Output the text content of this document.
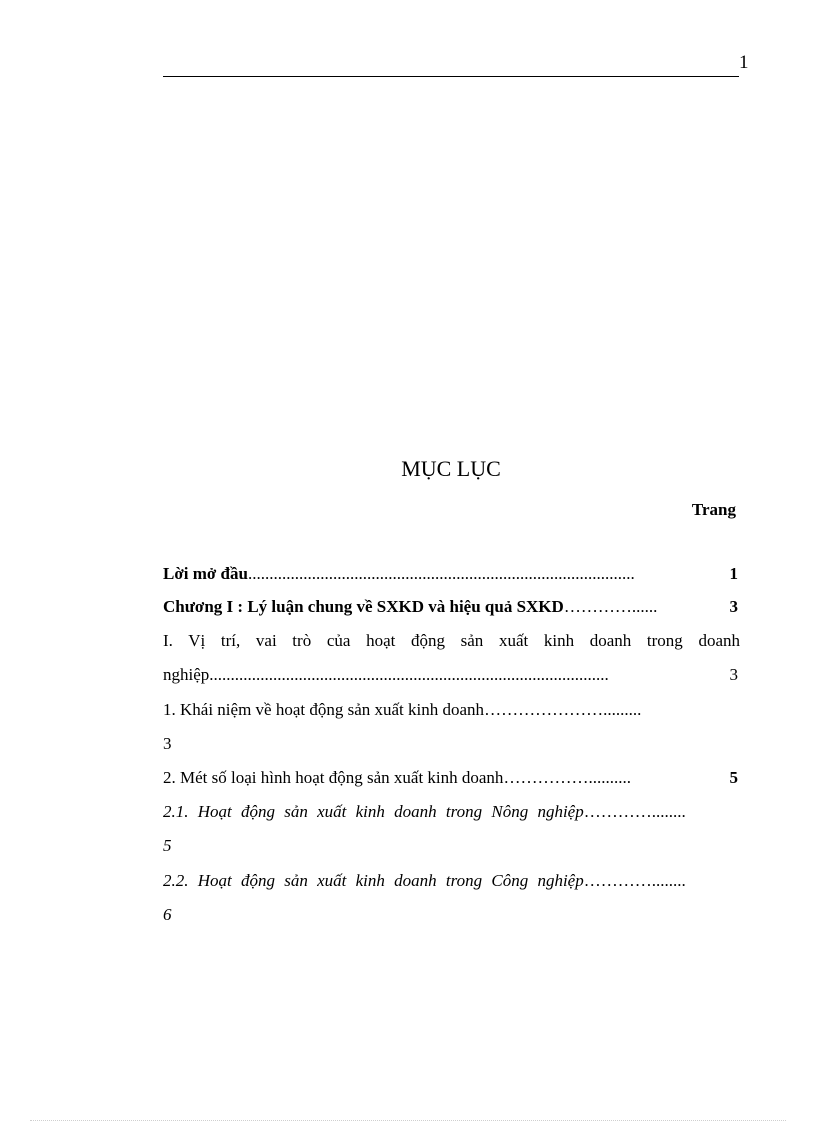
1
MỤC LỤC
Trang
Lời mở đầu...........................................................................................	1
Chương I : Lý luận chung về SXKD và hiệu quả SXKD…………......	3
I. Vị trí, vai trò của hoạt động sản xuất kinh doanh trong doanh
nghiệp..............................................................................................	3
1. Khái niệm về hoạt động sản xuất kinh doanh………………….........
3
2. Mét số loại hình hoạt động sản xuất kinh doanh……………..........	5
2.1. Hoạt động sản xuất kinh doanh trong Nông nghiệp…………........
5
2.2. Hoạt động sản xuất kinh doanh trong Công nghiệp…………........
6
